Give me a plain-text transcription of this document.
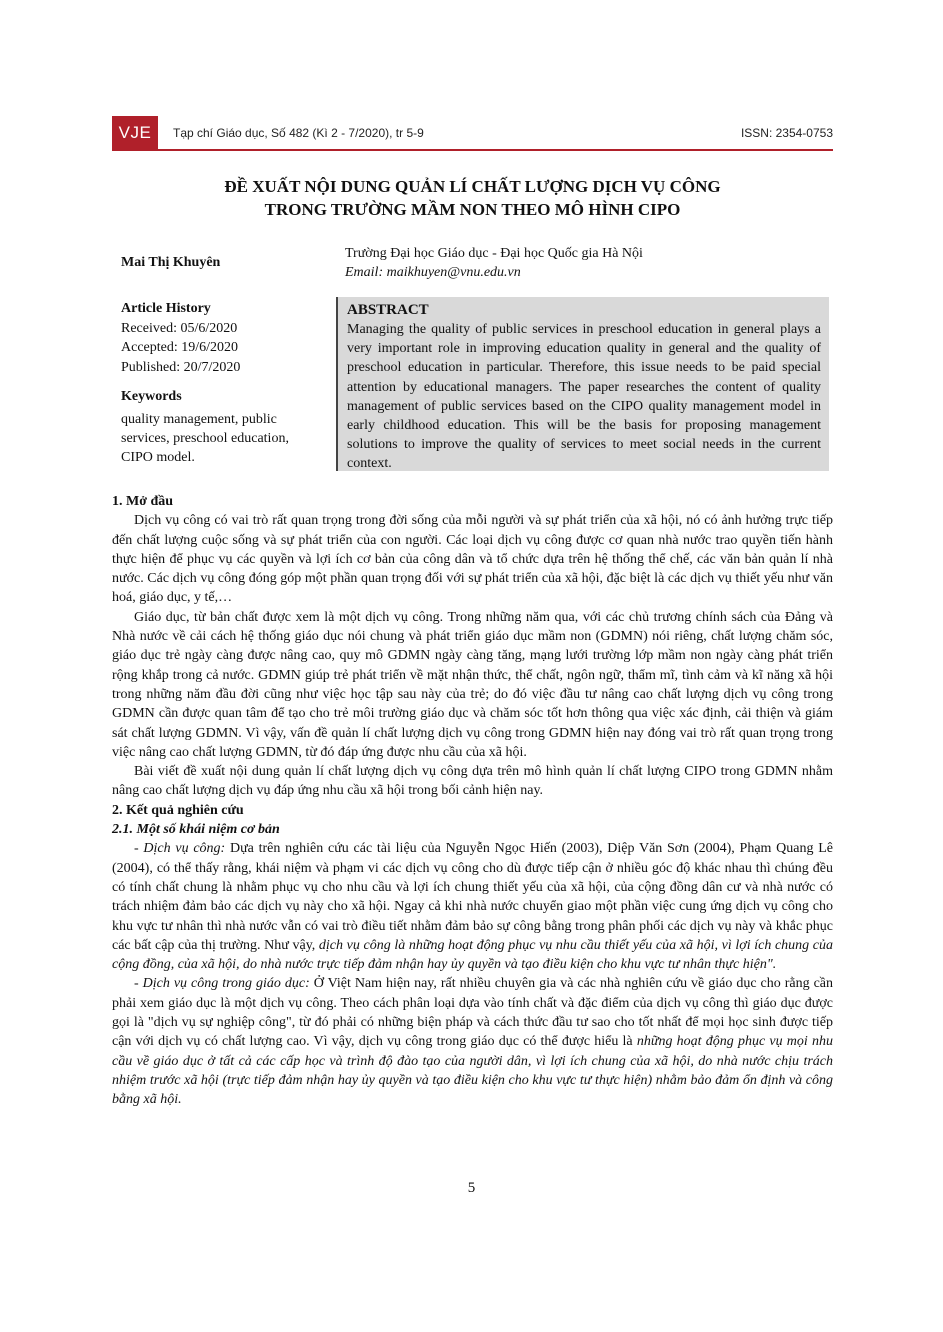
VJE	Tạp chí Giáo dục, Số 482 (Kì 2 - 7/2020), tr 5-9	ISSN: 2354-0753
ĐỀ XUẤT NỘI DUNG QUẢN LÍ CHẤT LƯỢNG DỊCH VỤ CÔNG
TRONG TRƯỜNG MẦM NON THEO MÔ HÌNH CIPO
Mai Thị Khuyên
Trường Đại học Giáo dục - Đại học Quốc gia Hà Nội
Email: maikhuyen@vnu.edu.vn
Article History
Received: 05/6/2020
Accepted: 19/6/2020
Published: 20/7/2020
Keywords
quality management, public services, preschool education, CIPO model.
ABSTRACT
Managing the quality of public services in preschool education in general plays a very important role in improving education quality in general and the quality of preschool education in particular. Therefore, this issue needs to be paid special attention by educational managers. The paper researches the content of quality management of public services based on the CIPO quality management model in early childhood education. This will be the basis for proposing management solutions to improve the quality of services to meet social needs in the current context.

1. Mở đầu

Dịch vụ công có vai trò rất quan trọng trong đời sống của mỗi người và sự phát triển của xã hội, nó có ảnh hưởng trực tiếp đến chất lượng cuộc sống và sự phát triển của con người. Các loại dịch vụ công được cơ quan nhà nước trao quyền tiến hành thực hiện để phục vụ các quyền và lợi ích cơ bản của công dân và tổ chức dựa trên hệ thống thể chế, các văn bản quản lí nhà nước. Các dịch vụ công đóng góp một phần quan trọng đối với sự phát triển của xã hội, đặc biệt là các dịch vụ thiết yếu như văn hoá, giáo dục, y tế,…

Giáo dục, từ bản chất được xem là một dịch vụ công. Trong những năm qua, với các chủ trương chính sách của Đảng và Nhà nước về cải cách hệ thống giáo dục nói chung và phát triển giáo dục mầm non (GDMN) nói riêng, chất lượng chăm sóc, giáo dục trẻ ngày càng được nâng cao, quy mô GDMN ngày càng tăng, mạng lưới trường lớp mầm non ngày càng phát triển rộng khắp trong cả nước. GDMN giúp trẻ phát triển về mặt nhận thức, thể chất, ngôn ngữ, thẩm mĩ, tình cảm và kĩ năng xã hội trong những năm đầu đời cũng như việc học tập sau này của trẻ; do đó việc đầu tư nâng cao chất lượng dịch vụ công trong GDMN cần được quan tâm để tạo cho trẻ môi trường giáo dục và chăm sóc tốt hơn thông qua việc xác định, cải thiện và giám sát chất lượng GDMN. Vì vậy, vấn đề quản lí chất lượng dịch vụ công trong GDMN hiện nay đóng vai trò rất quan trọng trong việc nâng cao chất lượng GDMN, từ đó đáp ứng được nhu cầu của xã hội.

Bài viết đề xuất nội dung quản lí chất lượng dịch vụ công dựa trên mô hình quản lí chất lượng CIPO trong GDMN nhằm nâng cao chất lượng dịch vụ đáp ứng nhu cầu xã hội trong bối cảnh hiện nay.

2. Kết quả nghiên cứu

2.1. Một số khái niệm cơ bản

- Dịch vụ công: Dựa trên nghiên cứu các tài liệu của Nguyễn Ngọc Hiến (2003), Diệp Văn Sơn (2004), Phạm Quang Lê (2004), có thể thấy rằng, khái niệm và phạm vi các dịch vụ công cho dù được tiếp cận ở nhiều góc độ khác nhau thì chúng đều có tính chất chung là nhằm phục vụ cho nhu cầu và lợi ích chung thiết yếu của xã hội, của cộng đồng dân cư và nhà nước có trách nhiệm đảm bảo các dịch vụ này cho xã hội. Ngay cả khi nhà nước chuyển giao một phần việc cung ứng dịch vụ công cho khu vực tư nhân thì nhà nước vẫn có vai trò điều tiết nhằm đảm bảo sự công bằng trong phân phối các dịch vụ này và khắc phục các bất cập của thị trường. Như vậy, dịch vụ công là những hoạt động phục vụ nhu cầu thiết yếu của xã hội, vì lợi ích chung của cộng đồng, của xã hội, do nhà nước trực tiếp đảm nhận hay ủy quyền và tạo điều kiện cho khu vực tư nhân thực hiện".

- Dịch vụ công trong giáo dục: Ở Việt Nam hiện nay, rất nhiều chuyên gia và các nhà nghiên cứu về giáo dục cho rằng cần phải xem giáo dục là một dịch vụ công. Theo cách phân loại dựa vào tính chất và đặc điểm của dịch vụ công thì giáo dục được gọi là "dịch vụ sự nghiệp công", từ đó phải có những biện pháp và cách thức đầu tư sao cho tốt nhất để mọi học sinh được tiếp cận với dịch vụ có chất lượng cao. Vì vậy, dịch vụ công trong giáo dục có thể được hiểu là những hoạt động phục vụ mọi nhu cầu về giáo dục ở tất cả các cấp học và trình độ đào tạo của người dân, vì lợi ích chung của xã hội, do nhà nước chịu trách nhiệm trước xã hội (trực tiếp đảm nhận hay ủy quyền và tạo điều kiện cho khu vực tư thực hiện) nhằm bảo đảm ổn định và công bằng xã hội.

5
